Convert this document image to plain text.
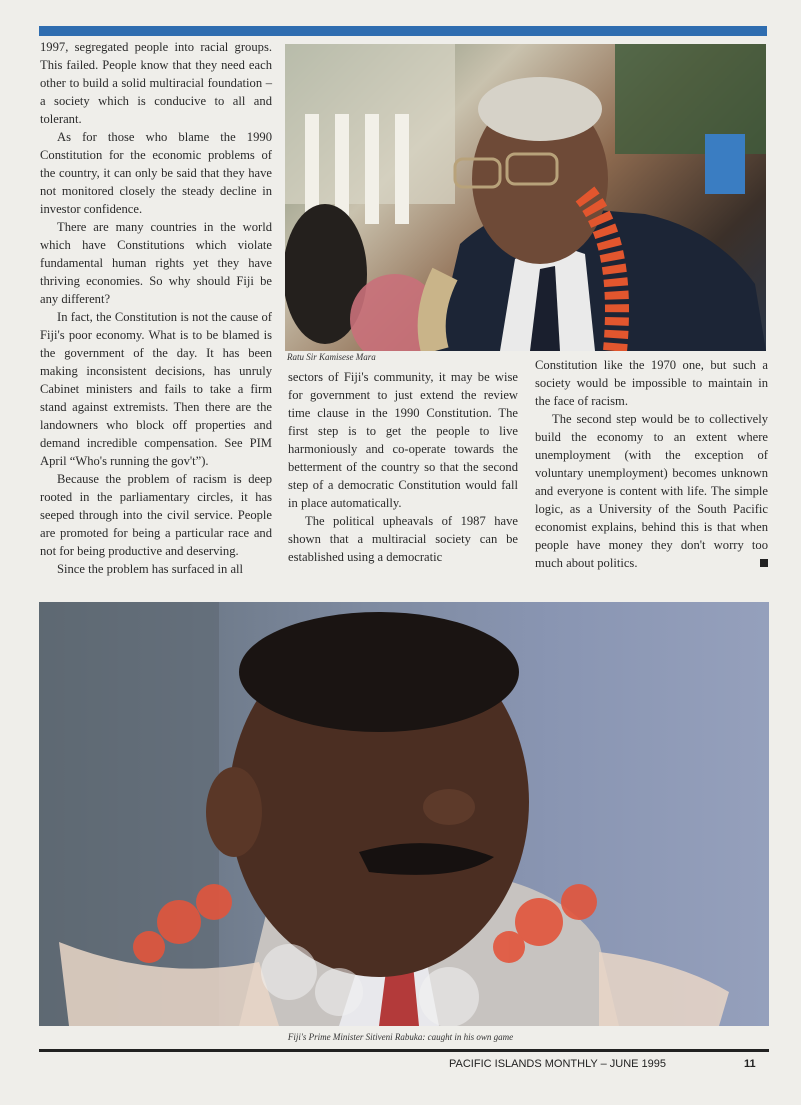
1997, segregated people into racial groups. This failed. People know that they need each other to build a solid multiracial foundation – a society which is conducive to all and tolerant.

As for those who blame the 1990 Constitution for the economic problems of the country, it can only be said that they have not monitored closely the steady decline in investor confidence.

There are many countries in the world which have Constitutions which violate fundamental human rights yet they have thriving economies. So why should Fiji be any different?

In fact, the Constitution is not the cause of Fiji's poor economy. What is to be blamed is the government of the day. It has been making inconsistent decisions, has unruly Cabinet ministers and fails to take a firm stand against extremists. Then there are the landowners who block off properties and demand incredible compensation. See PIM April “Who's running the gov't”).

Because the problem of racism is deep rooted in the parliamentary circles, it has seeped through into the civil service. People are promoted for being a particular race and not for being productive and deserving.

Since the problem has surfaced in all

Ratu Sir Kamisese Mara

sectors of Fiji's community, it may be wise for government to just extend the review time clause in the 1990 Constitution. The first step is to get the people to live harmoniously and co-operate towards the betterment of the country so that the second step of a democratic Constitution would fall in place automatically.

The political upheavals of 1987 have shown that a multiracial society can be established using a democratic

Constitution like the 1970 one, but such a society would be impossible to maintain in the face of racism.

The second step would be to collectively build the economy to an extent where unemployment (with the exception of voluntary unemployment) becomes unknown and everyone is content with life. The simple logic, as a University of the South Pacific economist explains, behind this is that when people have money they don't worry too much about politics.

Fiji's Prime Minister Sitiveni Rabuka: caught in his own game
PACIFIC ISLANDS MONTHLY – JUNE 1995	11
